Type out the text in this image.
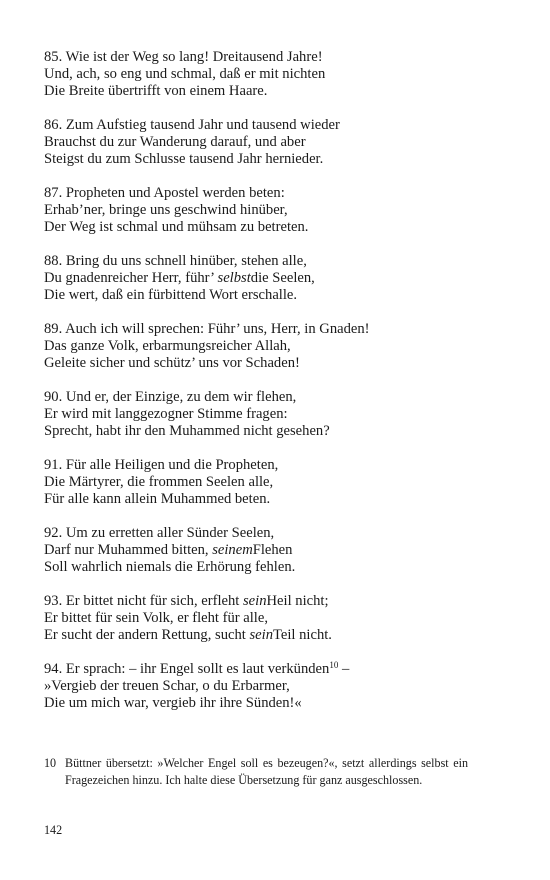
85. Wie ist der Weg so lang! Dreitausend Jahre!
Und, ach, so eng und schmal, daß er mit nichten
Die Breite übertrifft von einem Haare.
86. Zum Aufstieg tausend Jahr und tausend wieder
Brauchst du zur Wanderung darauf, und aber
Steigst du zum Schlusse tausend Jahr hernieder.
87. Propheten und Apostel werden beten:
Erhab’ner, bringe uns geschwind hinüber,
Der Weg ist schmal und mühsam zu betreten.
88. Bring du uns schnell hinüber, stehen alle,
Du gnadenreicher Herr, führ’ selbstdie Seelen,
Die wert, daß ein fürbittend Wort erschalle.
89. Auch ich will sprechen: Führ’ uns, Herr, in Gnaden!
Das ganze Volk, erbarmungsreicher Allah,
Geleite sicher und schütz’ uns vor Schaden!
90. Und er, der Einzige, zu dem wir flehen,
Er wird mit langgezogner Stimme fragen:
Sprecht, habt ihr den Muhammed nicht gesehen?
91. Für alle Heiligen und die Propheten,
Die Märtyrer, die frommen Seelen alle,
Für alle kann allein Muhammed beten.
92. Um zu erretten aller Sünder Seelen,
Darf nur Muhammed bitten, seinemFlehen
Soll wahrlich niemals die Erhörung fehlen.
93. Er bittet nicht für sich, erfleht seinHeil nicht;
Er bittet für sein Volk, er fleht für alle,
Er sucht der andern Rettung, sucht seinTeil nicht.
94. Er sprach: – ihr Engel sollt es laut verkünden$^{10}$ –
»Vergieb der treuen Schar, o du Erbarmer,
Die um mich war, vergieb ihr ihre Sünden!«
10 Büttner übersetzt: »Welcher Engel soll es bezeugen?«, setzt allerdings selbst ein Fragezeichen hinzu. Ich halte diese Übersetzung für ganz ausgeschlossen.
142
